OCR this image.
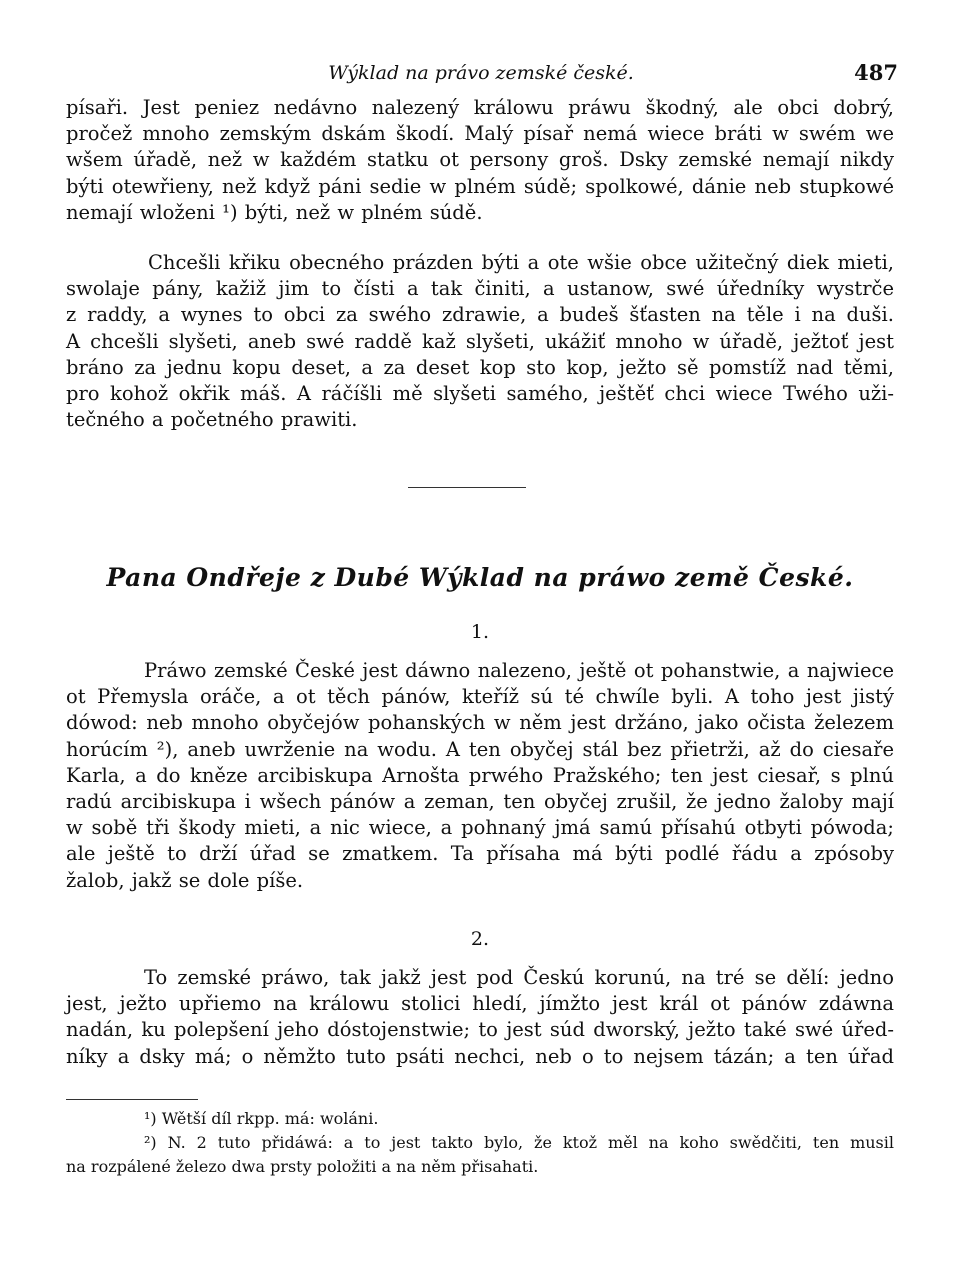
Wýklad na právo zemské české.	487
písaři. Jest peniez nedávno nalezený králowu práwu škodný, ale obci dobrý,
pročež mnoho zemským dskám škodí. Malý písař nemá wiece bráti w swém we
wšem úřadě, než w každém statku ot persony groš. Dsky zemské nemají nikdy
býti otewřieny, než když páni sedie w plném súdě; spolkowé, dánie neb stupkowé
nemají wloženi ¹) býti, než w plném súdě.
Chcešli křiku obecného prázden býti a ote wšie obce užitečný diek mieti,
swolaje pány, kažiž jim to čísti a tak činiti, a ustanow, swé úředníky wystrče
z raddy, a wynes to obci za swého zdrawie, a budeš šťasten na těle i na duši.
A chcešli slyšeti, aneb swé raddě kaž slyšeti, ukážiť mnoho w úřadě, ježtoť jest
bráno za jednu kopu deset, a za deset kop sto kop, ježto sě pomstíž nad těmi,
pro kohož okřik máš. A ráčíšli mě slyšeti samého, ještěť chci wiece Twého uži-
tečného a početného prawiti.
Pana Ondřeje z Dubé Wýklad na práwo země České.
1.
Práwo zemské České jest dáwno nalezeno, ještě ot pohanstwie, a najwiece
ot Přemysla oráče, a ot těch pánów, kteříž sú té chwíle byli. A toho jest jistý
dówod: neb mnoho obyčejów pohanských w něm jest držáno, jako očista železem
horúcím ²), aneb uwrženie na wodu. A ten obyčej stál bez přietrži, až do ciesaře
Karla, a do kněze arcibiskupa Arnošta prwého Pražského; ten jest ciesař, s plnú
radú arcibiskupa i wšech pánów a zeman, ten obyčej zrušil, že jedno žaloby mají
w sobě tři škody mieti, a nic wiece, a pohnaný jmá samú přísahú otbyti pówoda;
ale ještě to drží úřad se zmatkem. Ta přísaha má býti podlé řádu a zpósoby
žalob, jakž se dole píše.
2.
To zemské práwo, tak jakž jest pod Českú korunú, na tré se dělí: jedno
jest, ježto upřiemo na králowu stolici hledí, jímžto jest král ot pánów zdáwna
nadán, ku polepšení jeho dóstojenstwie; to jest súd dworský, ježto také swé úřed-
níky a dsky má; o němžto tuto psáti nechci, neb o to nejsem tázán; a ten úřad
¹) Wětší díl rkpp. má: woláni.
²) N. 2 tuto přidáwá: a to jest takto bylo, že ktož měl na koho swědčiti, ten musil
na rozpálené železo dwa prsty položiti a na něm přisahati.
